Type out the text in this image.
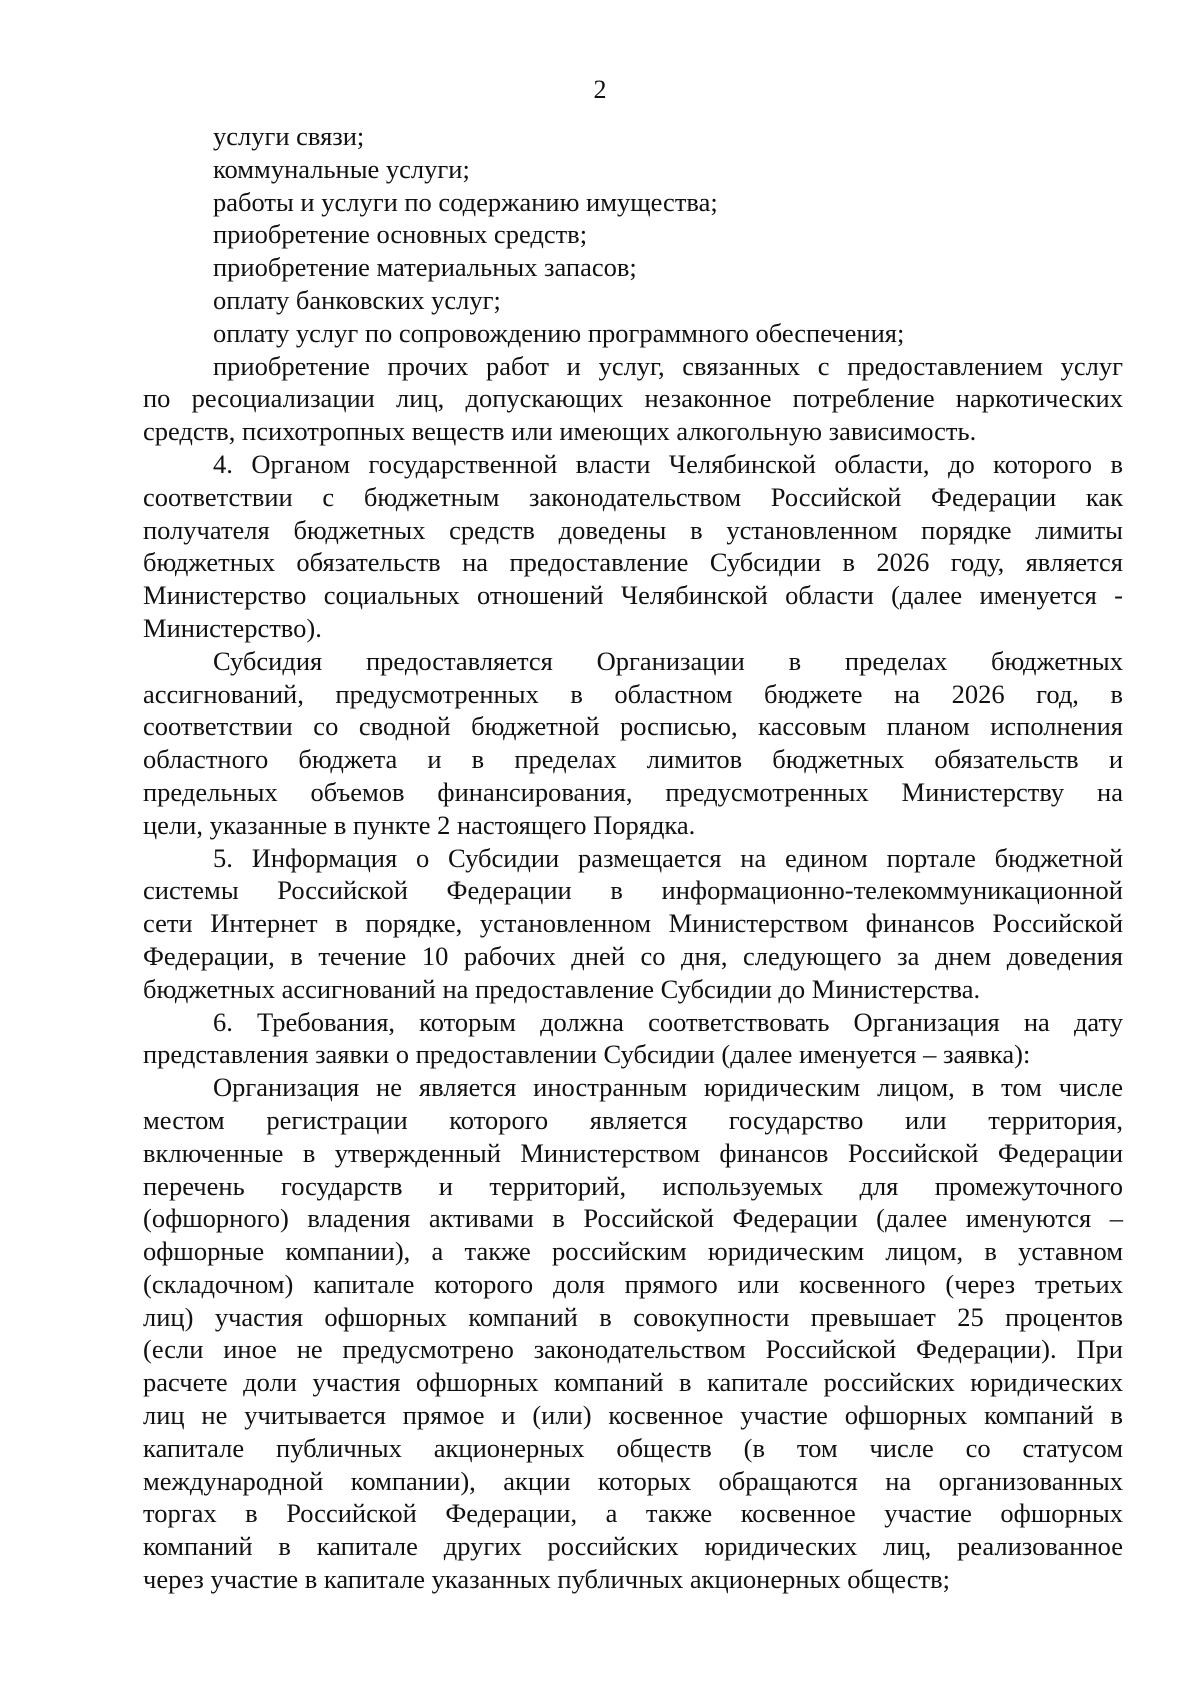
2
услуги связи;
коммунальные услуги;
работы и услуги по содержанию имущества;
приобретение основных средств;
приобретение материальных запасов;
оплату банковских услуг;
оплату услуг по сопровождению программного обеспечения;
приобретение прочих работ и услуг, связанных с предоставлением услуг
по ресоциализации лиц, допускающих незаконное потребление наркотических
средств, психотропных веществ или имеющих алкогольную зависимость.
4. Органом государственной власти Челябинской области, до которого в
соответствии с бюджетным законодательством Российской Федерации как
получателя бюджетных средств доведены в установленном порядке лимиты
бюджетных обязательств на предоставление Субсидии в 2026 году, является
Министерство социальных отношений Челябинской области (далее именуется -
Министерство).
Субсидия предоставляется Организации в пределах бюджетных
ассигнований, предусмотренных в областном бюджете на 2026 год, в
соответствии со сводной бюджетной росписью, кассовым планом исполнения
областного бюджета и в пределах лимитов бюджетных обязательств и
предельных объемов финансирования, предусмотренных Министерству на
цели, указанные в пункте 2 настоящего Порядка.
5. Информация о Субсидии размещается на едином портале бюджетной
системы Российской Федерации в информационно-телекоммуникационной
сети Интернет в порядке, установленном Министерством финансов Российской
Федерации, в течение 10 рабочих дней со дня, следующего за днем доведения
бюджетных ассигнований на предоставление Субсидии до Министерства.
6. Требования, которым должна соответствовать Организация на дату
представления заявки о предоставлении Субсидии (далее именуется – заявка):
Организация не является иностранным юридическим лицом, в том числе
местом регистрации которого является государство или территория,
включенные в утвержденный Министерством финансов Российской Федерации
перечень государств и территорий, используемых для промежуточного
(офшорного) владения активами в Российской Федерации (далее именуются –
офшорные компании), а также российским юридическим лицом, в уставном
(складочном) капитале которого доля прямого или косвенного (через третьих
лиц) участия офшорных компаний в совокупности превышает 25 процентов
(если иное не предусмотрено законодательством Российской Федерации). При
расчете доли участия офшорных компаний в капитале российских юридических
лиц не учитывается прямое и (или) косвенное участие офшорных компаний в
капитале публичных акционерных обществ (в том числе со статусом
международной компании), акции которых обращаются на организованных
торгах в Российской Федерации, а также косвенное участие офшорных
компаний в капитале других российских юридических лиц, реализованное
через участие в капитале указанных публичных акционерных обществ;
